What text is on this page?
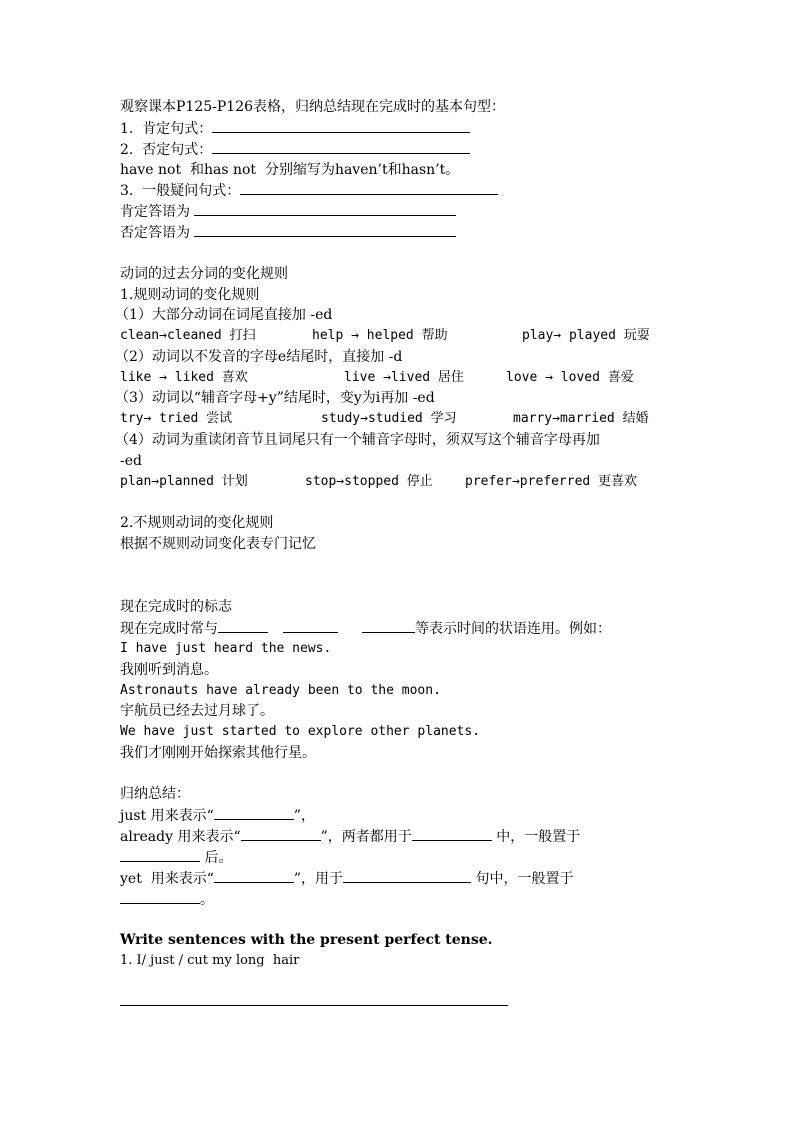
观察课本P125-P126表格，归纳总结现在完成时的基本句型：
1.  肯定句式：
2.  否定句式：
have not  和has not  分别缩写为haven’t和hasn’t。
3.  一般疑问句式：
肯定答语为
否定答语为
动词的过去分词的变化规则
1.规则动词的变化规则
（1）大部分动词在词尾直接加 -ed

clean→cleaned 打扫

	help → helped 帮助

	play→ played 玩耍

（2）动词以不发音的字母e结尾时，直接加 -d

like → liked 喜欢

	live →lived 居住

	love → loved 喜爱

（3）动词以“辅音字母+y”结尾时，变y为i再加 -ed

try→ tried 尝试

	study→studied 学习

	marry→married 结婚

（4）动词为重读闭音节且词尾只有一个辅音字母时，须双写这个辅音字母再加
-ed

plan→planned 计划

	stop→stopped 停止

prefer→preferred 更喜欢

2.不规则动词的变化规则
根据不规则动词变化表专门记忆
现在完成时的标志
现在完成时常与	等表示时间的状语连用。例如：
I have just heard the news.
我刚听到消息。
Astronauts have already been to the moon.
宇航员已经去过月球了。
We have just started to explore other planets.
我们才刚刚开始探索其他行星。
归纳总结：
just 用来表示“	”，
already 用来表示“	”，两者都用于	中，一般置于
后。
yet  用来表示“	”，用于	句中，一般置于
。
Write sentences with the present perfect tense.
1. I/ just / cut my long  hair
